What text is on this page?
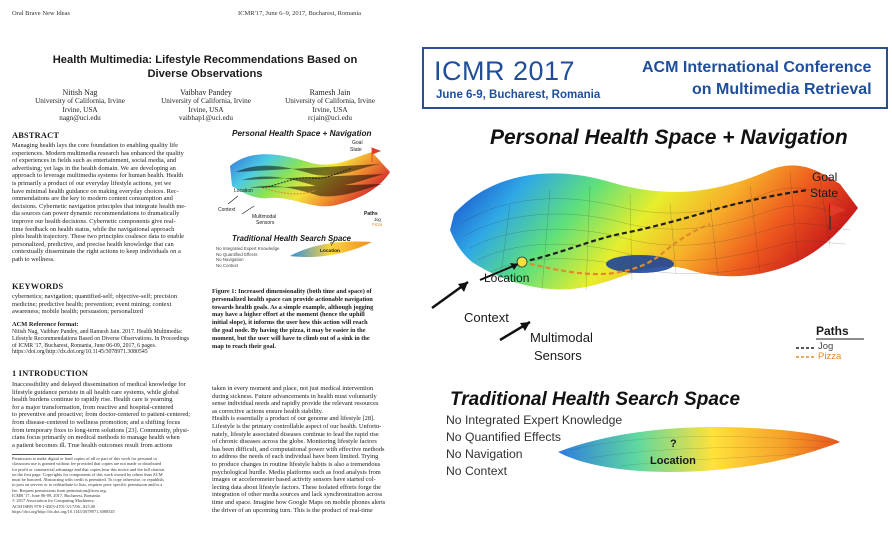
Oral Brave New Ideas	ICMR'17, June 6–9, 2017, Bucharest, Romania
Health Multimedia: Lifestyle Recommendations Based on
Diverse Observations
Nitish Nag
University of California, Irvine
Irvine, USA
nagn@uci.edu
Vaibhav Pandey
University of California, Irvine
Irvine, USA
vaibhap1@uci.edu
Ramesh Jain
University of California, Irvine
Irvine, USA
rcjain@uci.edu
ABSTRACT
Managing health lays the core foundation to enabling quality life
experiences. Modern multimedia research has enhanced the quality
of experiences in fields such as entertainment, social media, and
advertising; yet lags in the health domain. We are developing an
approach to leverage multimedia systems for human health. Health
is primarily a product of our everyday lifestyle actions, yet we
have minimal health guidance on making everyday choices. Rec-
ommendations are the key to modern content consumption and
decisions. Cybernetic navigation principles that integrate health me-
dia sources can power dynamic recommendations to dramatically
improve our health decisions. Cybernetic components give real-
time feedback on health status, while the navigational approach
plots health trajectory. These two principles coalesce data to enable
personalized, predictive, and precise health knowledge that can
contextually disseminate the right actions to keep individuals on a
path to wellness.
KEYWORDS
cybernetics; navigation; quantified-self; objective-self; precision
medicine; predictive health; prevention; event mining; context
awareness; mobile health; persuasion; personalized
ACM Reference format:
Nitish Nag, Vaibhav Pandey, and Ramesh Jain. 2017. Health Multimedia:
Lifestyle Recommendations Based on Diverse Observations. In Proceedings
of ICMR '17, Bucharest, Romania, June 06-09, 2017, 6 pages.
https://doi.org/http://dx.doi.org/10.1145/3078971.3080545
1 INTRODUCTION
Inaccessibility and delayed dissemination of medical knowledge for
lifestyle guidance persists in all health care systems, while global
health burdens continue to rapidly rise. Health care is yearning
for a major transformation, from reactive and hospital-centered
to preventive and proactive; from doctor-centered to patient-centered;
from disease-centered to wellness promotion; and a shifting focus
from temporary fixes to long-term solutions [23]. Community, physi-
cians focus primarily on medical methods to manage health when
a patient becomes ill. True health outcomes result from actions
Permission to make digital or hard copies of all or part of this work for personal or
classroom use is granted without fee provided that copies are not made or distributed
for profit or commercial advantage and that copies bear this notice and the full citation
on the first page. Copyrights for components of this work owned by others than ACM
must be honored. Abstracting with credit is permitted. To copy otherwise, or republish,
to post on servers or to redistribute to lists, requires prior specific permission and/or a
fee. Request permissions from permissions@acm.org.
ICMR '17, June 06-09, 2017, Bucharest, Romania
© 2017 Association for Computing Machinery.
ACM ISBN 978-1-4503-4701-3/17/06...$15.00
https://doi.org/http://dx.doi.org/10.1145/3078971.3080545
Personal Health Space + Navigation
Goal
State
Location
Context
Multimodal
Sensors
Paths
Jog
Pizza
Traditional Health Search Space
No Integrated Expert Knowledge
No Quantified Effects
No Navigation
No Context
?
Location
Figure 1: Increased dimensionality (both time and space) of
personalized health space can provide actionable navigation
towards health goals. As a simple example, although jogging
may have a higher effort at the moment (hence the uphill
initial slope), it informs the user how this action will reach
the goal node. By having the pizza, it may be easier in the
moment, but the user will have to climb out of a sink in the
map to reach their goal.
taken in every moment and place, not just medical intervention
during sickness. Future advancements in health must voluntarily
sense individual needs and rapidly provide the relevant resources
as corrective actions ensure health stability.
Health is essentially a product of our genome and lifestyle [28].
Lifestyle is the primary controllable aspect of our health. Unfortu-
nately, lifestyle associated diseases continue to lead the rapid rise
of chronic diseases across the globe. Monitoring lifestyle factors
has been difficult, and computational power with effective methods
to address the needs of each individual have been limited. Trying
to produce changes in routine lifestyle habits is also a tremendous
psychological hurdle. Media platforms such as food analysis from
images or accelerometer based activity sensors have started col-
lecting data about lifestyle factors. These isolated efforts forge the
integration of other media sources and lack synchronization across
time and space. Imagine how Google Maps on mobile phones alerts
the driver of an upcoming turn. This is the product of real-time
ICMR 2017
June 6-9, Bucharest, Romania
ACM International Conference
on Multimedia Retrieval
Personal Health Space + Navigation
Goal
State
Location
Context
Multimodal
Sensors
Paths
Jog
Pizza
Traditional Health Search Space
No Integrated Expert Knowledge
No Quantified Effects
No Navigation
No Context
?
Location
